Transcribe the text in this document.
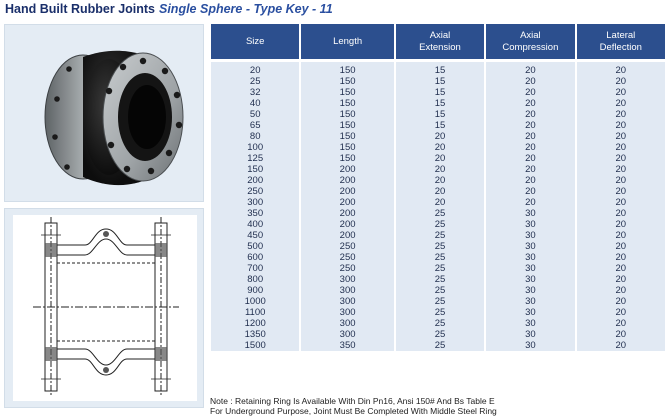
Hand Built Rubber Joints Single Sphere - Type Key - 11
Size	Length	Axial Extension	Axial Compression	Lateral Deflection
20	150	15	20	20
25	150	15	20	20
32	150	15	20	20
40	150	15	20	20
50	150	15	20	20
65	150	15	20	20
80	150	20	20	20
100	150	20	20	20
125	150	20	20	20
150	200	20	20	20
200	200	20	20	20
250	200	20	20	20
300	200	20	20	20
350	200	25	30	20
400	200	25	30	20
450	200	25	30	20
500	250	25	30	20
600	250	25	30	20
700	250	25	30	20
800	300	25	30	20
900	300	25	30	20
1000	300	25	30	20
1100	300	25	30	20
1200	300	25	30	20
1350	300	25	30	20
1500	350	25	30	20
Note : Retaining Ring Is Available With Din Pn16, Ansi 150# And Bs Table E
For Underground Purpose, Joint Must Be Completed With Middle Steel Ring
